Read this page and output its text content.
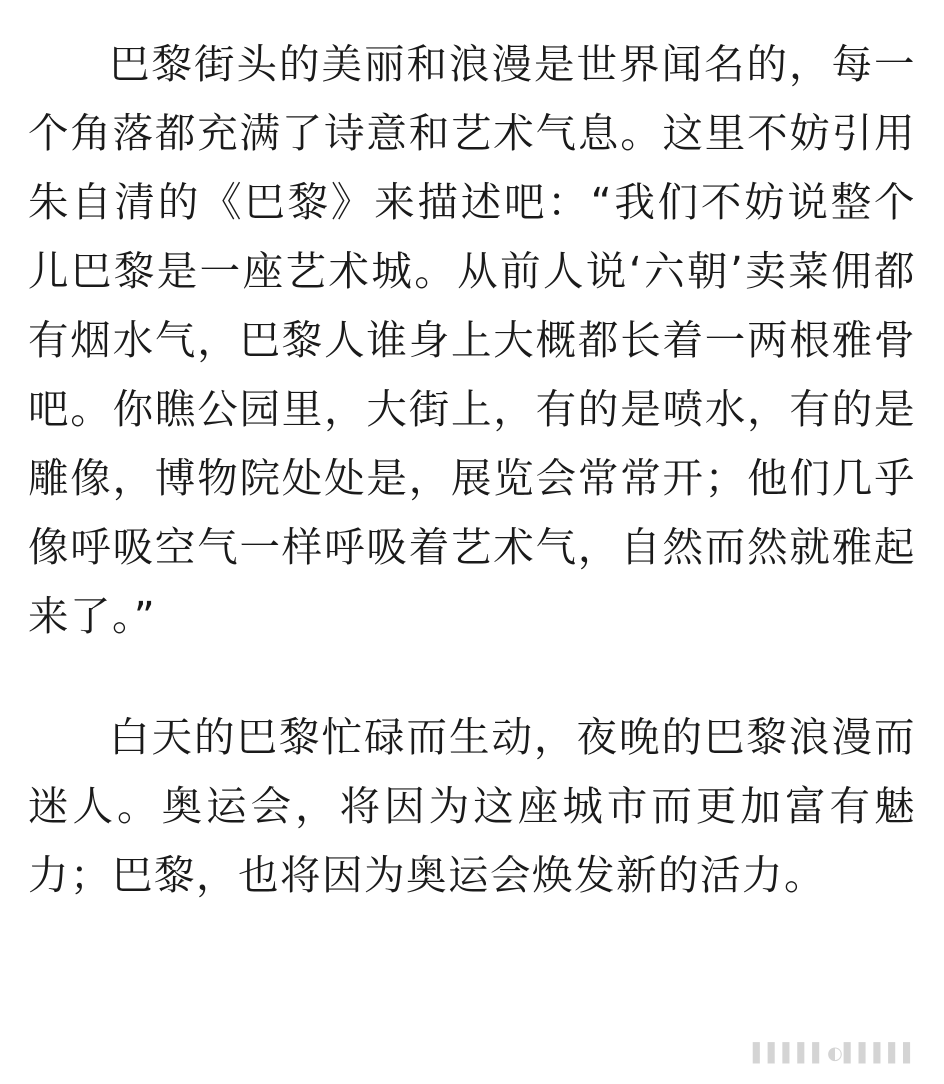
巴黎街头的美丽和浪漫是世界闻名的，每一个角落都充满了诗意和艺术气息。这里不妨引用朱自清的《巴黎》来描述吧：“我们不妨说整个儿巴黎是一座艺术城。从前人说‘六朝’卖菜佣都有烟水气，巴黎人谁身上大概都长着一两根雅骨吧。你瞧公园里，大街上，有的是喷水，有的是雕像，博物院处处是，展览会常常开；他们几乎像呼吸空气一样呼吸着艺术气，自然而然就雅起来了。”

白天的巴黎忙碌而生动，夜晚的巴黎浪漫而迷人。奥运会，将因为这座城市而更加富有魅力；巴黎，也将因为奥运会焕发新的活力。

▌▌▌▌▌◐▌▌▌▌▌
